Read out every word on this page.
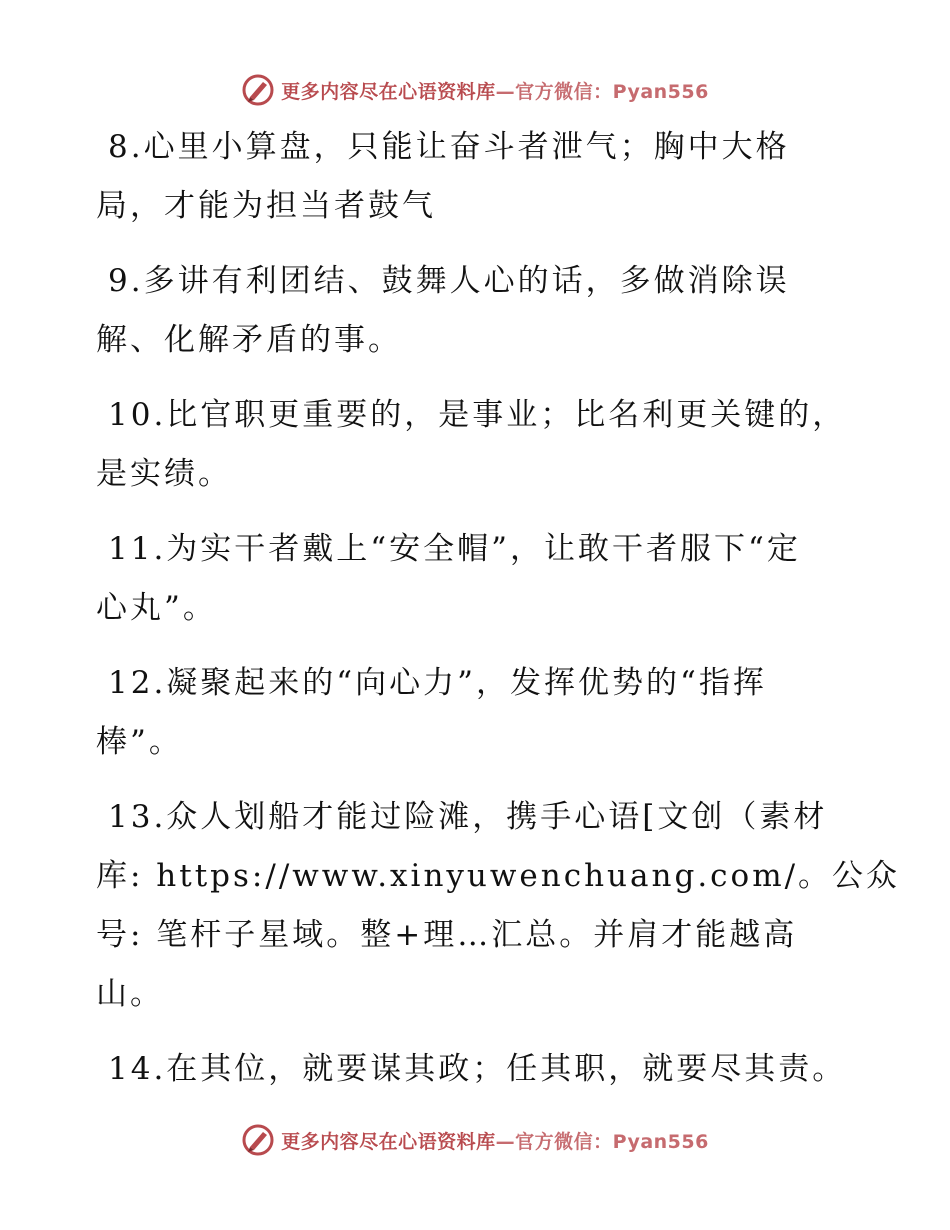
更多内容尽在心语资料库—官方微信：Pyan556
8.心里小算盘，只能让奋斗者泄气；胸中大格
局，才能为担当者鼓气
9.多讲有利团结、鼓舞人心的话，多做消除误
解、化解矛盾的事。
10.比官职更重要的，是事业；比名利更关键的，
是实绩。
11.为实干者戴上“安全帽”，让敢干者服下“定
心丸”。
12.凝聚起来的“向心力”，发挥优势的“指挥
棒”。
13.众人划船才能过险滩，携手心语[文创（素材
库: https://www.xinyuwenchuang.com/。公众
号: 笔杆子星域。整+理…汇总。并肩才能越高
山。
14.在其位，就要谋其政；任其职，就要尽其责。
更多内容尽在心语资料库—官方微信：Pyan556
